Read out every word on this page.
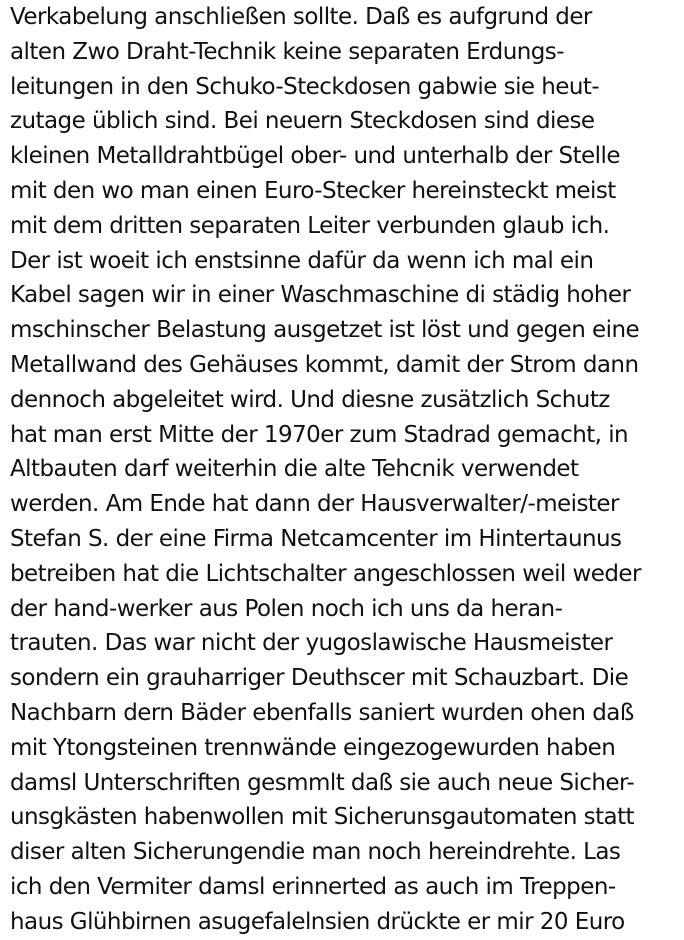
Verkabelung anschließen sollte. Daß es aufgrund der
alten Zwo Draht-Technik keine separaten Erdungs-
leitungen in den Schuko-Steckdosen gabwie sie heut-
zutage üblich sind. Bei neuern Steckdosen sind diese
kleinen Metalldrahtbügel ober- und unterhalb der Stelle
mit den wo man einen Euro-Stecker hereinsteckt meist
mit dem dritten separaten Leiter verbunden glaub ich.
Der ist woeit ich enstsinne dafür da wenn ich mal ein
Kabel sagen wir in einer Waschmaschine di städig hoher
mschinscher Belastung ausgetzet ist löst und gegen eine
Metallwand des Gehäuses kommt, damit der Strom dann
dennoch abgeleitet wird. Und diesne zusätzlich Schutz
hat man erst Mitte der 1970er zum Stadrad gemacht, in
Altbauten darf weiterhin die alte Tehcnik verwendet
werden. Am Ende hat dann der Hausverwalter/-meister
Stefan S. der eine Firma Netcamcenter im Hintertaunus
betreiben hat die Lichtschalter angeschlossen weil weder
der hand-werker aus Polen noch ich uns da heran-
trauten. Das war nicht der yugoslawische Hausmeister
sondern ein grauharriger Deuthscer mit Schauzbart. Die
Nachbarn dern Bäder ebenfalls saniert wurden ohen daß
mit Ytongsteinen trennwände eingezogewurden haben
damsl Unterschriften gesmmlt daß sie auch neue Sicher-
unsgkästen habenwollen mit Sicherunsgautomaten statt
diser alten Sicherungendie man noch hereindrehte. Las
ich den Vermiter damsl erinnerted as auch im Treppen-
haus Glühbirnen asugefalelnsien drückte er mir 20 Euro
